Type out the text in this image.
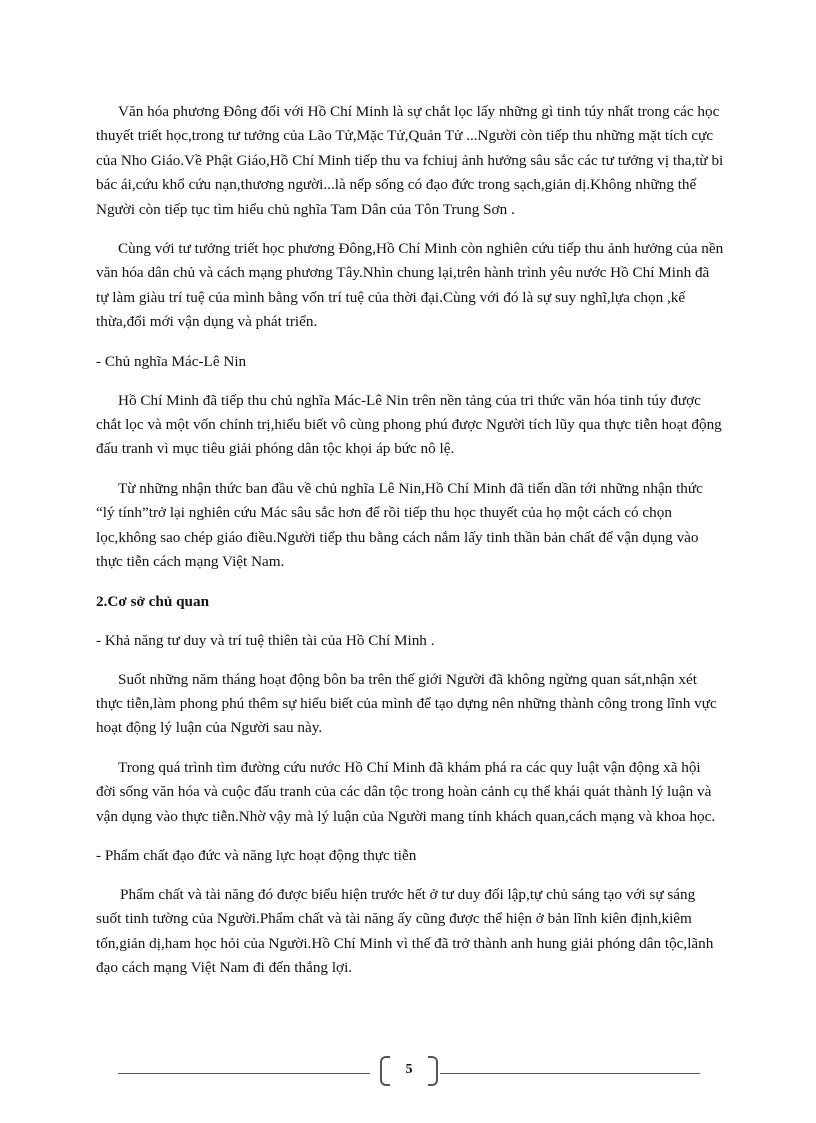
Văn hóa phương Đông đối với Hồ Chí Minh là sự chắt lọc lấy những gì tinh túy nhất trong các học thuyết triết học,trong tư tưởng của Lão Tử,Mặc Tử,Quản Tử ...Người còn tiếp thu những mặt tích cực của Nho Giáo.Về Phật Giáo,Hồ Chí Minh tiếp thu va fchiuj ảnh hưởng sâu sắc các tư tưởng vị tha,từ bi bác ái,cứu khổ cứu nạn,thương người...là nếp sống có đạo đức trong sạch,giản dị.Không những thế Người còn tiếp tục tìm hiểu chủ nghĩa Tam Dân của Tôn Trung Sơn .

Cùng với tư tưởng triết học phương Đông,Hồ Chí Minh còn nghiên cứu tiếp thu ảnh hưởng của nền văn hóa dân chủ và cách mạng phương Tây.Nhìn chung lại,trên hành trình yêu nước Hồ Chí Minh đã tự làm giàu trí tuệ của mình bằng vốn trí tuệ của thời đại.Cùng với đó là sự suy nghĩ,lựa chọn ,kế thừa,đổi mới vận dụng và phát triển.

- Chủ nghĩa Mác-Lê Nin

Hồ Chí Minh đã tiếp thu chủ nghĩa Mác-Lê Nin trên nền tảng của tri thức văn hóa tinh túy được chắt lọc và một vốn chính trị,hiểu biết vô cùng phong phú được Người tích lũy qua thực tiễn hoạt động đấu tranh vì mục tiêu giải phóng dân tộc khọi áp bức nô lệ.

Từ những nhận thức ban đầu về chủ nghĩa Lê Nin,Hồ Chí Minh đã tiến dần tới những nhận thức “lý tính”trở lại nghiên cứu Mác sâu sắc hơn để rồi tiếp thu học thuyết của họ một cách có chọn lọc,không sao chép giáo điều.Người tiếp thu bằng cách nắm lấy tinh thần bản chất để vận dụng vào thực tiễn cách mạng Việt Nam.

2.Cơ sở chủ quan

- Khả năng tư duy và trí tuệ thiên tài của Hồ Chí Minh .

Suốt những năm tháng hoạt động bôn ba trên thế giới Người đã không ngừng quan sát,nhận xét thực tiễn,làm phong phú thêm sự hiểu biết của mình để tạo dựng nên những thành công trong lĩnh vực hoạt động lý luận của Người sau này.

Trong quá trình tìm đường cứu nước Hồ Chí Minh đã khám phá ra các quy luật vận động xã hội đời sống văn hóa và cuộc đấu tranh của các dân tộc trong hoàn cảnh cụ thể khái quát thành lý luận và vận dụng vào thực tiễn.Nhờ vậy mà lý luận của Người mang tính khách quan,cách mạng và khoa học.

- Phẩm chất đạo đức và năng lực hoạt động thực tiễn

Phẩm chất và tài năng đó được biểu hiện trước hết ở tư duy đối lập,tự chủ sáng tạo với sự sáng suốt tinh tường của Người.Phẩm chất và tài năng ấy cũng được thể hiện ở bản lĩnh kiên định,kiêm tốn,giản dị,ham học hỏi của Người.Hồ Chí Minh vì thế đã trở thành anh hung giải phóng dân tộc,lãnh đạo cách mạng Việt Nam đi đến thắng lợi.

5
